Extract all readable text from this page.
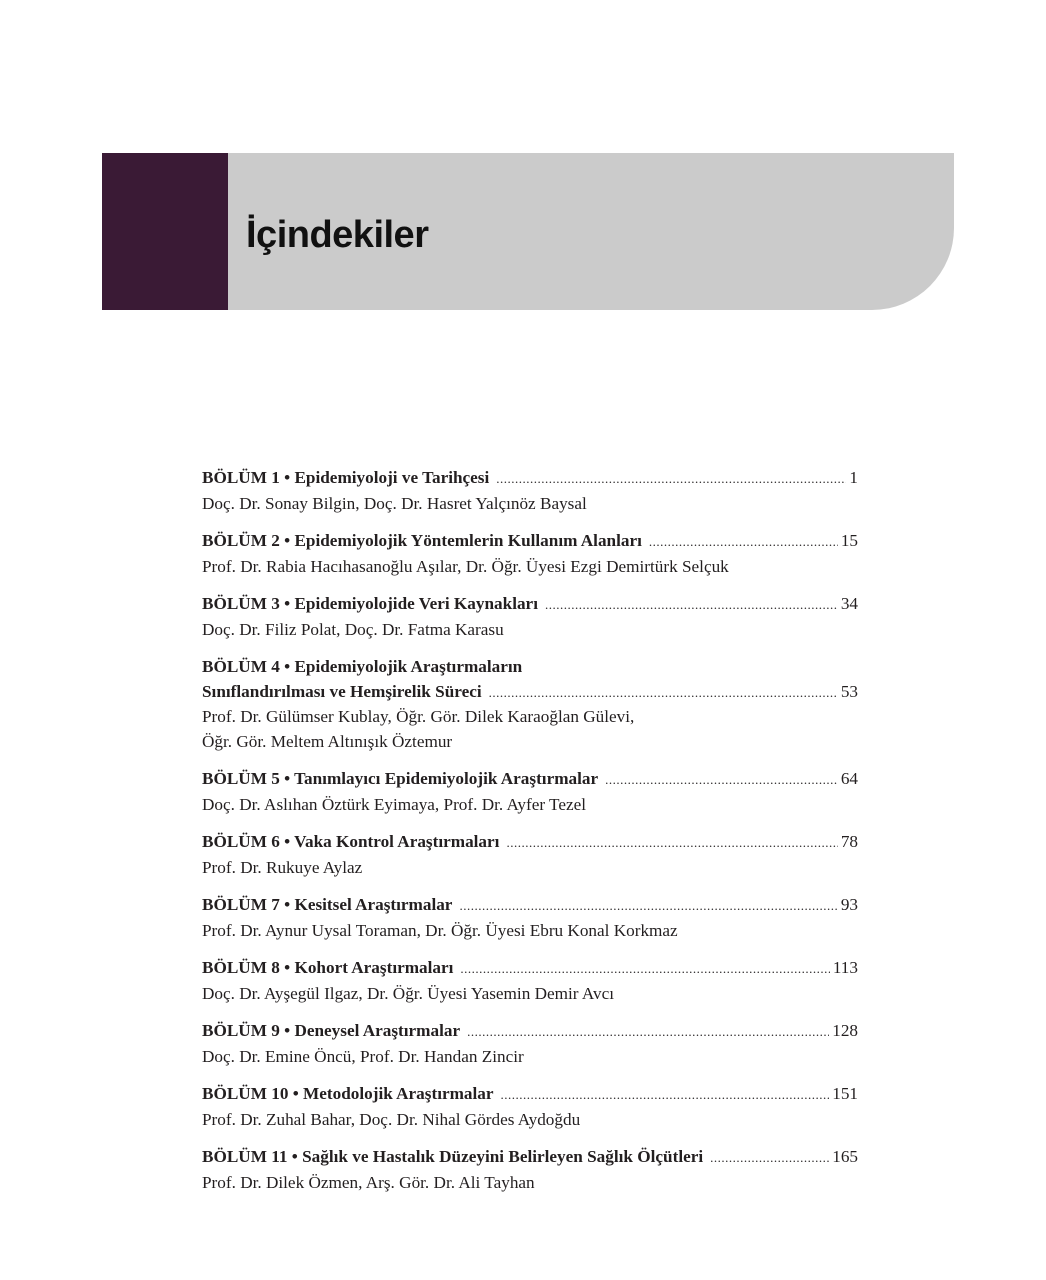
İçindekiler
BÖLÜM 1 • Epidemiyoloji ve Tarihçesi .....	1
Doç. Dr. Sonay Bilgin, Doç. Dr. Hasret Yalçınöz Baysal
BÖLÜM 2 • Epidemiyolojik Yöntemlerin Kullanım Alanları .....	15
Prof. Dr. Rabia Hacıhasanoğlu Aşılar, Dr. Öğr. Üyesi Ezgi Demirtürk Selçuk
BÖLÜM 3 • Epidemiyolojide Veri Kaynakları .....	34
Doç. Dr. Filiz Polat, Doç. Dr. Fatma Karasu
BÖLÜM 4 • Epidemiyolojik Araştırmaların
Sınıflandırılması ve Hemşirelik Süreci .....	53
Prof. Dr. Gülümser Kublay, Öğr. Gör. Dilek Karaoğlan Gülevi,
Öğr. Gör. Meltem Altınışık Öztemur
BÖLÜM 5 • Tanımlayıcı Epidemiyolojik Araştırmalar .....	64
Doç. Dr. Aslıhan Öztürk Eyimaya, Prof. Dr. Ayfer Tezel
BÖLÜM 6 • Vaka Kontrol Araştırmaları .....	78
Prof. Dr. Rukuye Aylaz
BÖLÜM 7 • Kesitsel Araştırmalar .....	93
Prof. Dr. Aynur Uysal Toraman, Dr. Öğr. Üyesi Ebru Konal Korkmaz
BÖLÜM 8 • Kohort Araştırmaları .....	113
Doç. Dr. Ayşegül Ilgaz, Dr. Öğr. Üyesi Yasemin Demir Avcı
BÖLÜM 9 • Deneysel Araştırmalar .....	128
Doç. Dr. Emine Öncü, Prof. Dr. Handan Zincir
BÖLÜM 10 • Metodolojik Araştırmalar .....	151
Prof. Dr. Zuhal Bahar, Doç. Dr. Nihal Gördes Aydoğdu
BÖLÜM 11 • Sağlık ve Hastalık Düzeyini Belirleyen Sağlık Ölçütleri .....	165
Prof. Dr. Dilek Özmen, Arş. Gör. Dr. Ali Tayhan
